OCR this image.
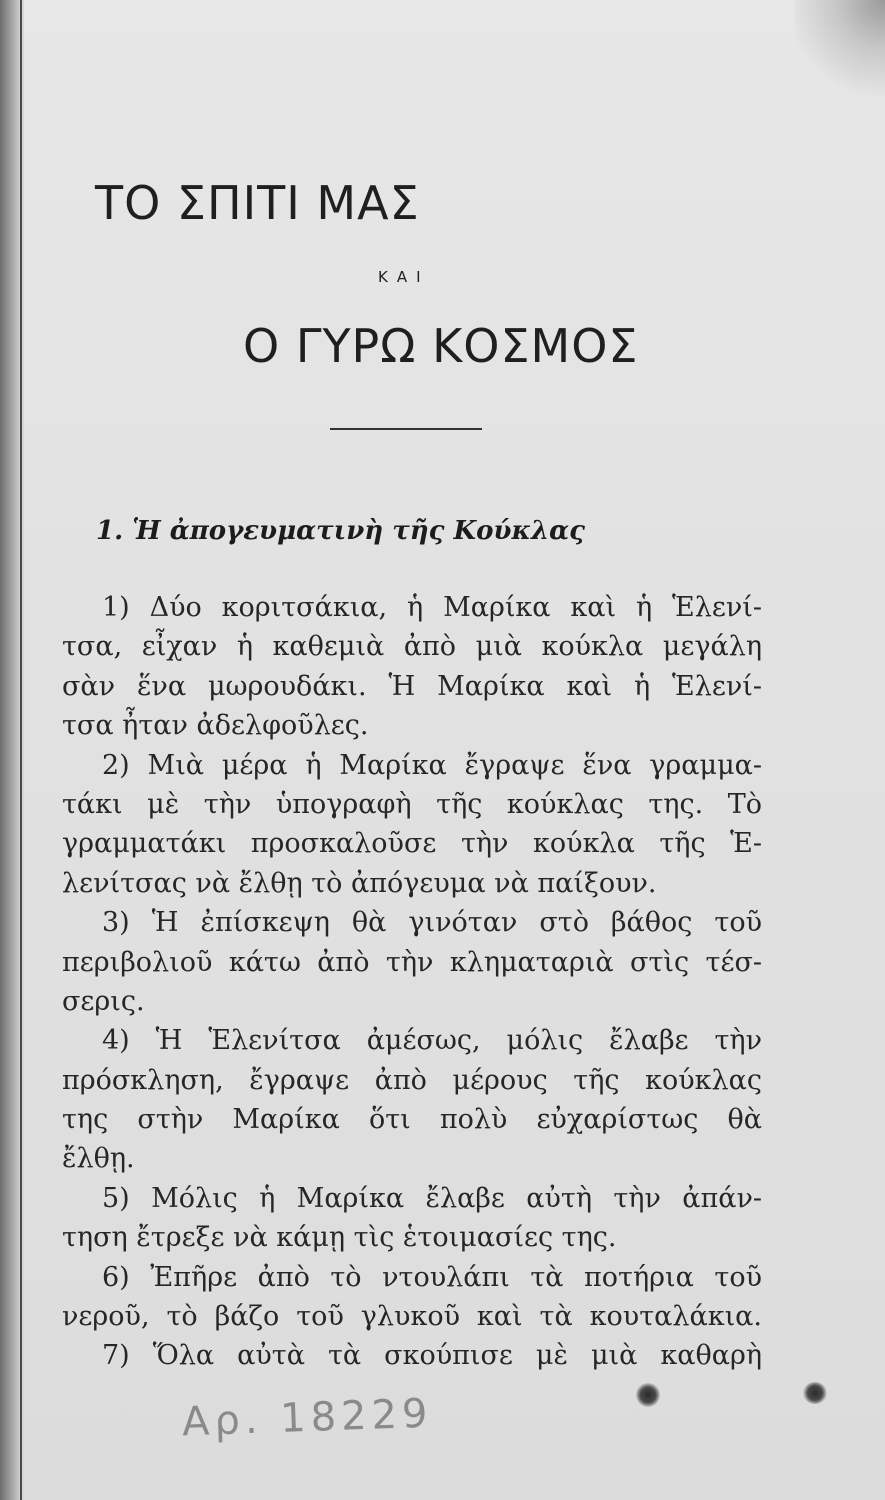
ΤΟ ΣΠΙΤΙ ΜΑΣ
ΚΑΙ
Ο ΓΥΡΩ ΚΟΣΜΟΣ
1. Ἡ ἀπογευματινὴ τῆς Κούκλας
1) Δύο κοριτσάκια, ἡ Μαρίκα καὶ ἡ Ἑλενί-
τσα, εἶχαν ἡ καθεμιὰ ἀπὸ μιὰ κούκλα μεγάλη
σὰν ἕνα μωρουδάκι. Ἡ Μαρίκα καὶ ἡ Ἑλενί-
τσα ἦταν ἀδελφοῦλες.
2) Μιὰ μέρα ἡ Μαρίκα ἔγραψε ἕνα γραμμα-
τάκι μὲ τὴν ὑπογραφὴ τῆς κούκλας της. Τὸ
γραμματάκι προσκαλοῦσε τὴν κούκλα τῆς Ἑ-
λενίτσας νὰ ἔλθῃ τὸ ἀπόγευμα νὰ παίξουν.
3) Ἡ ἐπίσκεψη θὰ γινόταν στὸ βάθος τοῦ
περιβολιοῦ κάτω ἀπὸ τὴν κληματαριὰ στὶς τέσ-
σερις.
4) Ἡ Ἑλενίτσα ἀμέσως, μόλις ἔλαβε τὴν
πρόσκληση, ἔγραψε ἀπὸ μέρους τῆς κούκλας
της στὴν Μαρίκα ὅτι πολὺ εὐχαρίστως θὰ
ἔλθῃ.
5) Μόλις ἡ Μαρίκα ἔλαβε αὐτὴ τὴν ἀπάν-
τηση ἔτρεξε νὰ κάμῃ τὶς ἑτοιμασίες της.
6) Ἐπῆρε ἀπὸ τὸ ντουλάπι τὰ ποτήρια τοῦ
νεροῦ, τὸ βάζο τοῦ γλυκοῦ καὶ τὰ κουταλάκια.
7) Ὅλα αὐτὰ τὰ σκούπισε μὲ μιὰ καθαρὴ
Αρ. 18229
